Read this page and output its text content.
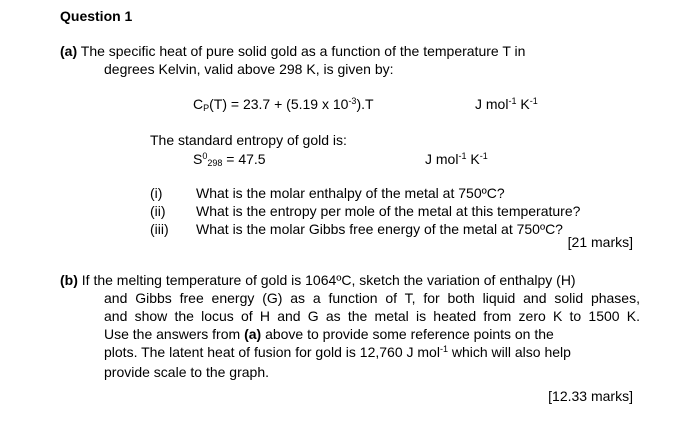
Question 1
(a) The specific heat of pure solid gold as a function of the temperature T in
degrees Kelvin, valid above 298 K, is given by:
CP(T) = 23.7 + (5.19 x $10^{-3}).T$	J mol$^{-1}$ $K^{-1}$
The standard entropy of gold is:
$S^0298 = 47.5$	J mol$^{-1}$ $K^{-1}$
(i) What is the molar enthalpy of the metal at 750ºC?
(ii) What is the entropy per mole of the metal at this temperature?
(iii) What is the molar Gibbs free energy of the metal at 750ºC?
[21 marks]
(b) If the melting temperature of gold is 1064ºC, sketch the variation of enthalpy (H)
and Gibbs free energy (G) as a function of T, for both liquid and solid phases,
and show the locus of H and G as the metal is heated from zero K to 1500 K.
Use the answers from (a) above to provide some reference points on the
plots. The latent heat of fusion for gold is 12,760 J mol$^{-1}$ which will also help
provide scale to the graph.
[12.33 marks]
